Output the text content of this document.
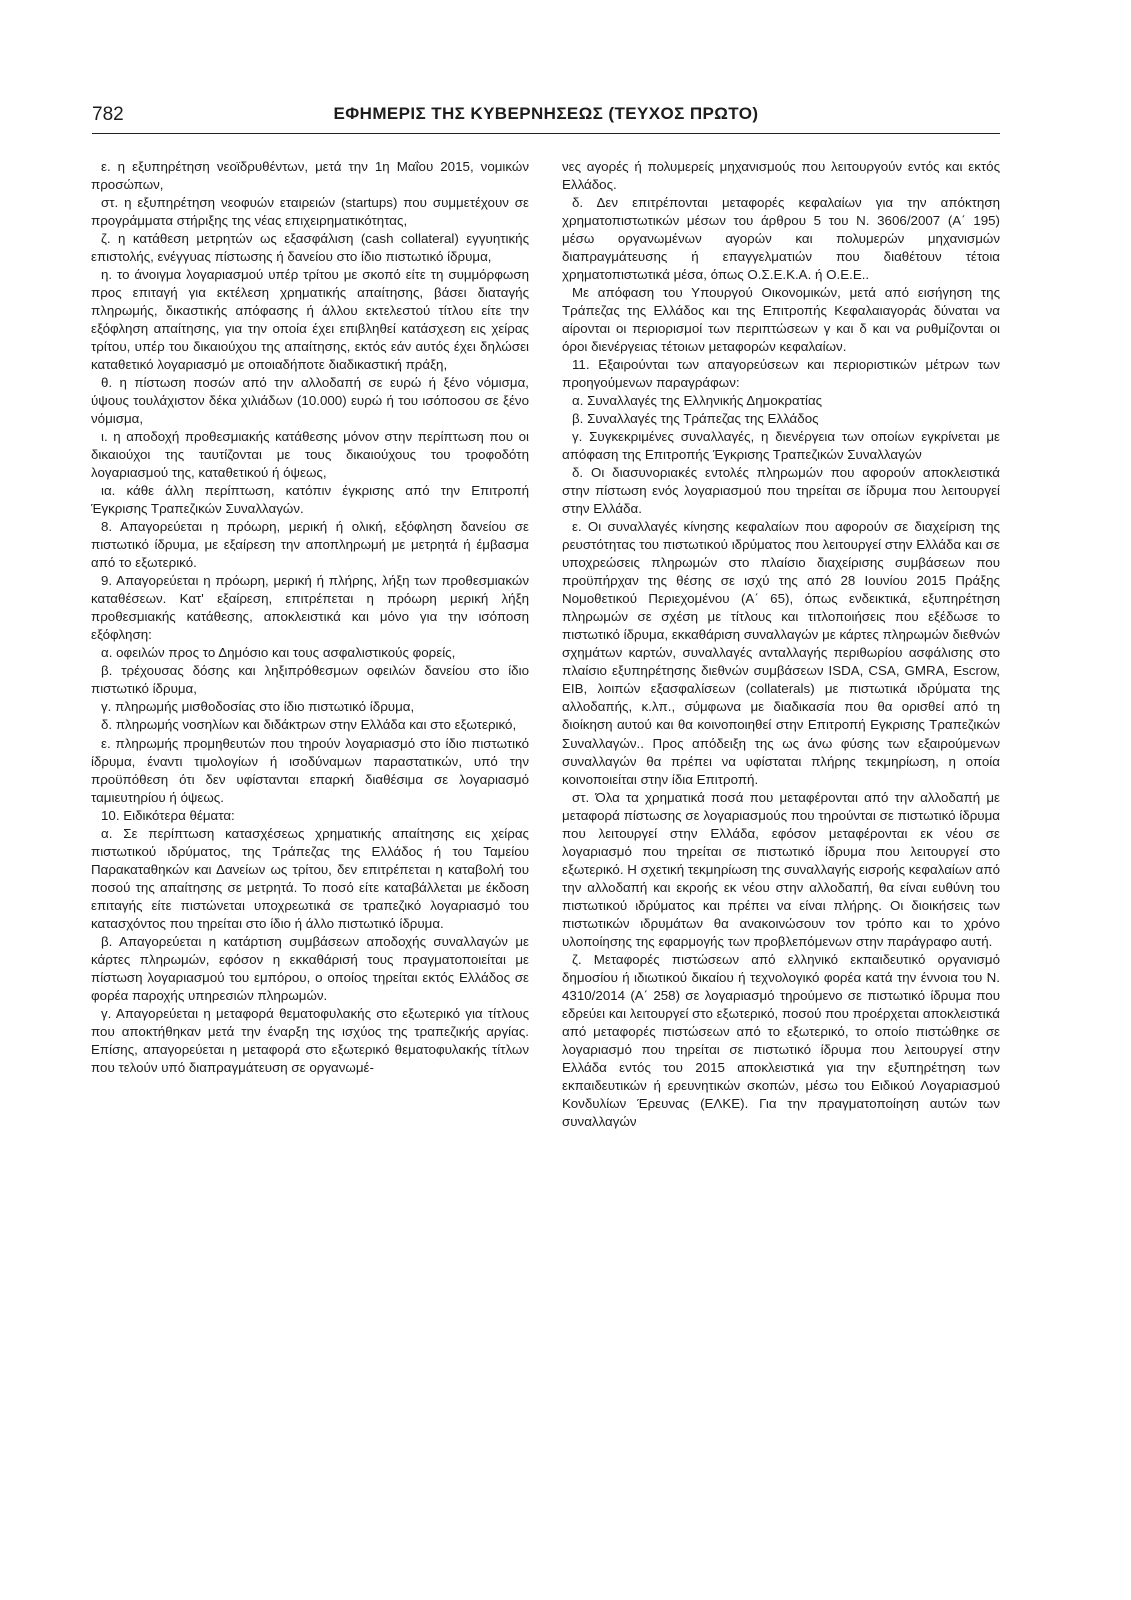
782	ΕΦΗΜΕΡΙΣ ΤΗΣ ΚΥΒΕΡΝΗΣΕΩΣ (ΤΕΥΧΟΣ ΠΡΩΤΟ)

ε. η εξυπηρέτηση νεοϊδρυθέντων, μετά την 1η Μαΐου 2015, νομικών προσώπων,

στ. η εξυπηρέτηση νεοφυών εταιρειών (startups) που συμμετέχουν σε προγράμματα στήριξης της νέας επιχειρηματικότητας,

ζ. η κατάθεση μετρητών ως εξασφάλιση (cash collateral) εγγυητικής επιστολής, ενέγγυας πίστωσης ή δανείου στο ίδιο πιστωτικό ίδρυμα,

η. το άνοιγμα λογαριασμού υπέρ τρίτου με σκοπό είτε τη συμμόρφωση προς επιταγή για εκτέλεση χρηματικής απαίτησης, βάσει διαταγής πληρωμής, δικαστικής απόφασης ή άλλου εκτελεστού τίτλου είτε την εξόφληση απαίτησης, για την οποία έχει επιβληθεί κατάσχεση εις χείρας τρίτου, υπέρ του δικαιούχου της απαίτησης, εκτός εάν αυτός έχει δηλώσει καταθετικό λογαριασμό με οποιαδήποτε διαδικαστική πράξη,

θ. η πίστωση ποσών από την αλλοδαπή σε ευρώ ή ξένο νόμισμα, ύψους τουλάχιστον δέκα χιλιάδων (10.000) ευρώ ή του ισόποσου σε ξένο νόμισμα,

ι. η αποδοχή προθεσμιακής κατάθεσης μόνον στην περίπτωση που οι δικαιούχοι της ταυτίζονται με τους δικαιούχους του τροφοδότη λογαριασμού της, καταθετικού ή όψεως,

ια. κάθε άλλη περίπτωση, κατόπιν έγκρισης από την Επιτροπή Έγκρισης Τραπεζικών Συναλλαγών.

8. Απαγορεύεται η πρόωρη, μερική ή ολική, εξόφληση δανείου σε πιστωτικό ίδρυμα, με εξαίρεση την αποπληρωμή με μετρητά ή έμβασμα από το εξωτερικό.

9. Απαγορεύεται η πρόωρη, μερική ή πλήρης, λήξη των προθεσμιακών καταθέσεων. Κατ' εξαίρεση, επιτρέπεται η πρόωρη μερική λήξη προθεσμιακής κατάθεσης, αποκλειστικά και μόνο για την ισόποση εξόφληση:

α. οφειλών προς το Δημόσιο και τους ασφαλιστικούς φορείς,

β. τρέχουσας δόσης και ληξιπρόθεσμων οφειλών δανείου στο ίδιο πιστωτικό ίδρυμα,

γ. πληρωμής μισθοδοσίας στο ίδιο πιστωτικό ίδρυμα,

δ. πληρωμής νοσηλίων και διδάκτρων στην Ελλάδα και στο εξωτερικό,

ε. πληρωμής προμηθευτών που τηρούν λογαριασμό στο ίδιο πιστωτικό ίδρυμα, έναντι τιμολογίων ή ισοδύναμων παραστατικών, υπό την προϋπόθεση ότι δεν υφίστανται επαρκή διαθέσιμα σε λογαριασμό ταμιευτηρίου ή όψεως.

10. Ειδικότερα θέματα:

α. Σε περίπτωση κατασχέσεως χρηματικής απαίτησης εις χείρας πιστωτικού ιδρύματος, της Τράπεζας της Ελλάδος ή του Ταμείου Παρακαταθηκών και Δανείων ως τρίτου, δεν επιτρέπεται η καταβολή του ποσού της απαίτησης σε μετρητά. Το ποσό είτε καταβάλλεται με έκδοση επιταγής είτε πιστώνεται υποχρεωτικά σε τραπεζικό λογαριασμό του κατασχόντος που τηρείται στο ίδιο ή άλλο πιστωτικό ίδρυμα.

β. Απαγορεύεται η κατάρτιση συμβάσεων αποδοχής συναλλαγών με κάρτες πληρωμών, εφόσον η εκκαθάρισή τους πραγματοποιείται με πίστωση λογαριασμού του εμπόρου, ο οποίος τηρείται εκτός Ελλάδος σε φορέα παροχής υπηρεσιών πληρωμών.

γ. Απαγορεύεται η μεταφορά θεματοφυλακής στο εξωτερικό για τίτλους που αποκτήθηκαν μετά την έναρξη της ισχύος της τραπεζικής αργίας. Επίσης, απαγορεύεται η μεταφορά στο εξωτερικό θεματοφυλακής τίτλων που τελούν υπό διαπραγμάτευση σε οργανωμέ-

νες αγορές ή πολυμερείς μηχανισμούς που λειτουργούν εντός και εκτός Ελλάδος.

δ. Δεν επιτρέπονται μεταφορές κεφαλαίων για την απόκτηση χρηματοπιστωτικών μέσων του άρθρου 5 του Ν. 3606/2007 (Α΄ 195) μέσω οργανωμένων αγορών και πολυμερών μηχανισμών διαπραγμάτευσης ή επαγγελματιών που διαθέτουν τέτοια χρηματοπιστωτικά μέσα, όπως Ο.Σ.Ε.Κ.Α. ή Ο.Ε.Ε..

Με απόφαση του Υπουργού Οικονομικών, μετά από εισήγηση της Τράπεζας της Ελλάδος και της Επιτροπής Κεφαλαιαγοράς δύναται να αίρονται οι περιορισμοί των περιπτώσεων γ και δ και να ρυθμίζονται οι όροι διενέργειας τέτοιων μεταφορών κεφαλαίων.

11. Εξαιρούνται των απαγορεύσεων και περιοριστικών μέτρων των προηγούμενων παραγράφων:

α. Συναλλαγές της Ελληνικής Δημοκρατίας

β. Συναλλαγές της Τράπεζας της Ελλάδος

γ. Συγκεκριμένες συναλλαγές, η διενέργεια των οποίων εγκρίνεται με απόφαση της Επιτροπής Έγκρισης Τραπεζικών Συναλλαγών

δ. Οι διασυνοριακές εντολές πληρωμών που αφορούν αποκλειστικά στην πίστωση ενός λογαριασμού που τηρείται σε ίδρυμα που λειτουργεί στην Ελλάδα.

ε. Οι συναλλαγές κίνησης κεφαλαίων που αφορούν σε διαχείριση της ρευστότητας του πιστωτικού ιδρύματος που λειτουργεί στην Ελλάδα και σε υποχρεώσεις πληρωμών στο πλαίσιο διαχείρισης συμβάσεων που προϋπήρχαν της θέσης σε ισχύ της από 28 Ιουνίου 2015 Πράξης Νομοθετικού Περιεχομένου (Α΄ 65), όπως ενδεικτικά, εξυπηρέτηση πληρωμών σε σχέση με τίτλους και τιτλοποιήσεις που εξέδωσε το πιστωτικό ίδρυμα, εκκαθάριση συναλλαγών με κάρτες πληρωμών διεθνών σχημάτων καρτών, συναλλαγές ανταλλαγής περιθωρίου ασφάλισης στο πλαίσιο εξυπηρέτησης διεθνών συμβάσεων ISDA, CSA, GMRA, Escrow, EIB, λοιπών εξασφαλίσεων (collaterals) με πιστωτικά ιδρύματα της αλλοδαπής, κ.λπ., σύμφωνα με διαδικασία που θα ορισθεί από τη διοίκηση αυτού και θα κοινοποιηθεί στην Επιτροπή Εγκρισης Τραπεζικών Συναλλαγών.. Προς απόδειξη της ως άνω φύσης των εξαιρούμενων συναλλαγών θα πρέπει να υφίσταται πλήρης τεκμηρίωση, η οποία κοινοποιείται στην ίδια Επιτροπή.

στ. Όλα τα χρηματικά ποσά που μεταφέρονται από την αλλοδαπή με μεταφορά πίστωσης σε λογαριασμούς που τηρούνται σε πιστωτικό ίδρυμα που λειτουργεί στην Ελλάδα, εφόσον μεταφέρονται εκ νέου σε λογαριασμό που τηρείται σε πιστωτικό ίδρυμα που λειτουργεί στο εξωτερικό. Η σχετική τεκμηρίωση της συναλλαγής εισροής κεφαλαίων από την αλλοδαπή και εκροής εκ νέου στην αλλοδαπή, θα είναι ευθύνη του πιστωτικού ιδρύματος και πρέπει να είναι πλήρης. Οι διοικήσεις των πιστωτικών ιδρυμάτων θα ανακοινώσουν τον τρόπο και το χρόνο υλοποίησης της εφαρμογής των προβλεπόμενων στην παράγραφο αυτή.

ζ. Μεταφορές πιστώσεων από ελληνικό εκπαιδευτικό οργανισμό δημοσίου ή ιδιωτικού δικαίου ή τεχνολογικό φορέα κατά την έννοια του Ν. 4310/2014 (Α΄ 258) σε λογαριασμό τηρούμενο σε πιστωτικό ίδρυμα που εδρεύει και λειτουργεί στο εξωτερικό, ποσού που προέρχεται αποκλειστικά από μεταφορές πιστώσεων από το εξωτερικό, το οποίο πιστώθηκε σε λογαριασμό που τηρείται σε πιστωτικό ίδρυμα που λειτουργεί στην Ελλάδα εντός του 2015 αποκλειστικά για την εξυπηρέτηση των εκπαιδευτικών ή ερευνητικών σκοπών, μέσω του Ειδικού Λογαριασμού Κονδυλίων Έρευνας (ΕΛΚΕ). Για την πραγματοποίηση αυτών των συναλλαγών
